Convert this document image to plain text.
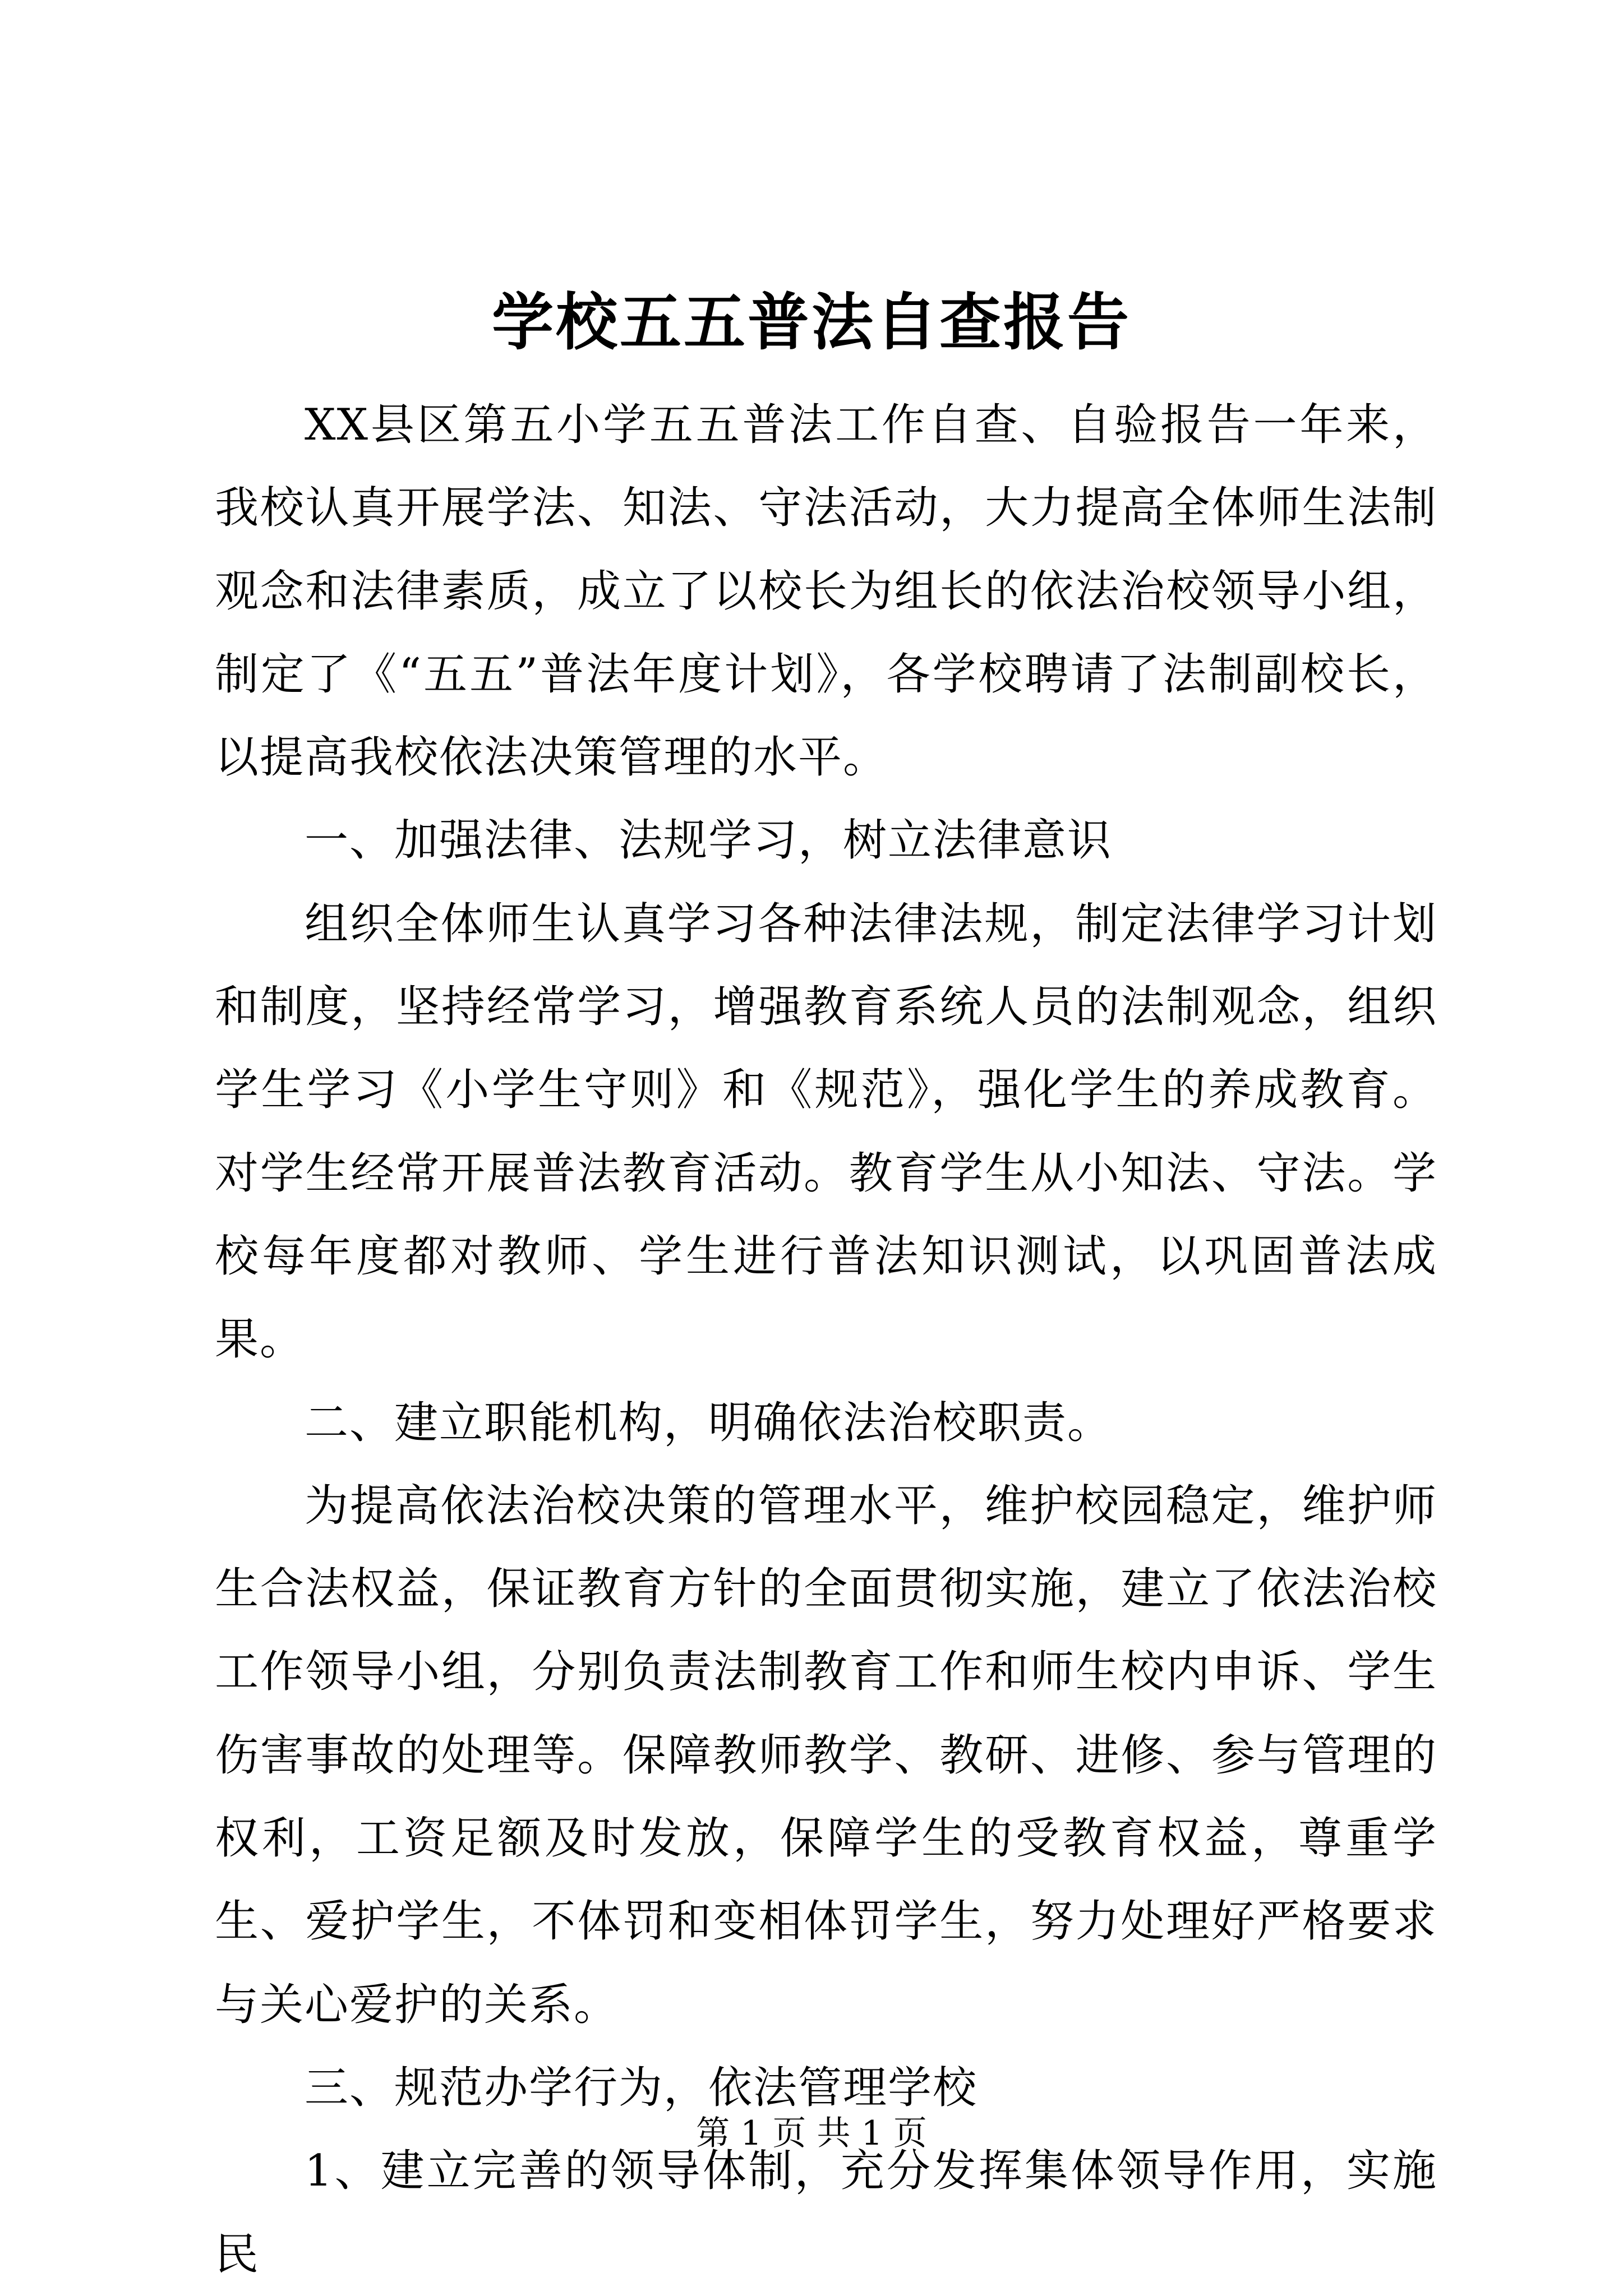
学校五五普法自查报告

XX县区第五小学五五普法工作自查、自验报告一年来，我校认真开展学法、知法、守法活动，大力提高全体师生法制观念和法律素质，成立了以校长为组长的依法治校领导小组，制定了《“五五”普法年度计划》，各学校聘请了法制副校长，以提高我校依法决策管理的水平。

一、加强法律、法规学习，树立法律意识

组织全体师生认真学习各种法律法规，制定法律学习计划和制度，坚持经常学习，增强教育系统人员的法制观念，组织学生学习《小学生守则》和《规范》，强化学生的养成教育。对学生经常开展普法教育活动。教育学生从小知法、守法。学校每年度都对教师、学生进行普法知识测试，以巩固普法成果。

二、建立职能机构，明确依法治校职责。

为提高依法治校决策的管理水平，维护校园稳定，维护师生合法权益，保证教育方针的全面贯彻实施，建立了依法治校工作领导小组，分别负责法制教育工作和师生校内申诉、学生伤害事故的处理等。保障教师教学、教研、进修、参与管理的权利，工资足额及时发放，保障学生的受教育权益，尊重学生、爱护学生，不体罚和变相体罚学生，努力处理好严格要求与关心爱护的关系。

三、规范办学行为，依法管理学校

1、建立完善的领导体制，充分发挥集体领导作用，实施民

第 1 页 共 1 页
